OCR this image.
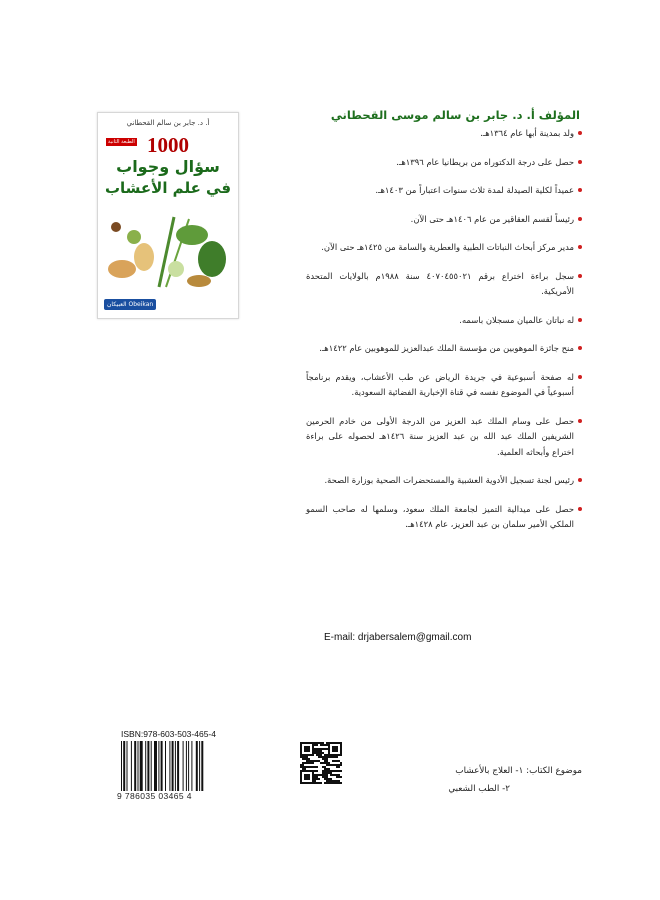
أ. د. جابر بن سالم القحطاني
الطبعة الثانية 1000
سؤال وجواب
في علم الأعشاب
العبيكان Obeikan
المؤلف أ. د. جابر بن سالم موسى القحطاني
ولد بمدينة أبها عام ١٣٦٤هـ.
حصل على درجة الدكتوراه من بريطانيا عام ١٣٩٦هـ.
عميداً لكلية الصيدلة لمدة ثلاث سنوات اعتباراً من ١٤٠٣هـ.
رئيساً لقسم العقاقير من عام ١٤٠٦هـ حتى الآن.
مدير مركز أبحاث النباتات الطبية والعطرية والسامة من ١٤٢٥هـ حتى الآن.
سجل براءة اختراع برقم ٤٠٧٠٤٥٥٠٢١ سنة ١٩٨٨م بالولايات المتحدة الأمريكية.
له نباتان عالميان مسجلان باسمه.
منح جائزة الموهوبين من مؤسسة الملك عبدالعزيز للموهوبين عام ١٤٢٢هـ.
له صفحة أسبوعية في جريدة الرياض عن طب الأعشاب، ويقدم برنامجاً أسبوعياً في الموضوع نفسه في قناة الإخبارية الفضائية السعودية.
حصل على وسام الملك عبد العزيز من الدرجة الأولى من خادم الحرمين الشريفين الملك عبد الله بن عبد العزيز سنة ١٤٢٦هـ لحصوله على براءة اختراع وأبحاثه العلمية.
رئيس لجنة تسجيل الأدوية العشبية والمستحضرات الصحية بوزارة الصحة.
حصل على ميدالية التميز لجامعة الملك سعود، وسلمها له صاحب السمو الملكي الأمير سلمان بن عبد العزيز، عام ١٤٢٨هـ.
E-mail: drjabersalem@gmail.com
ISBN:978-603-503-465-4
9 786035 03465 4
موضوع الكتاب: ١- العلاج بالأعشاب
٢- الطب الشعبي
